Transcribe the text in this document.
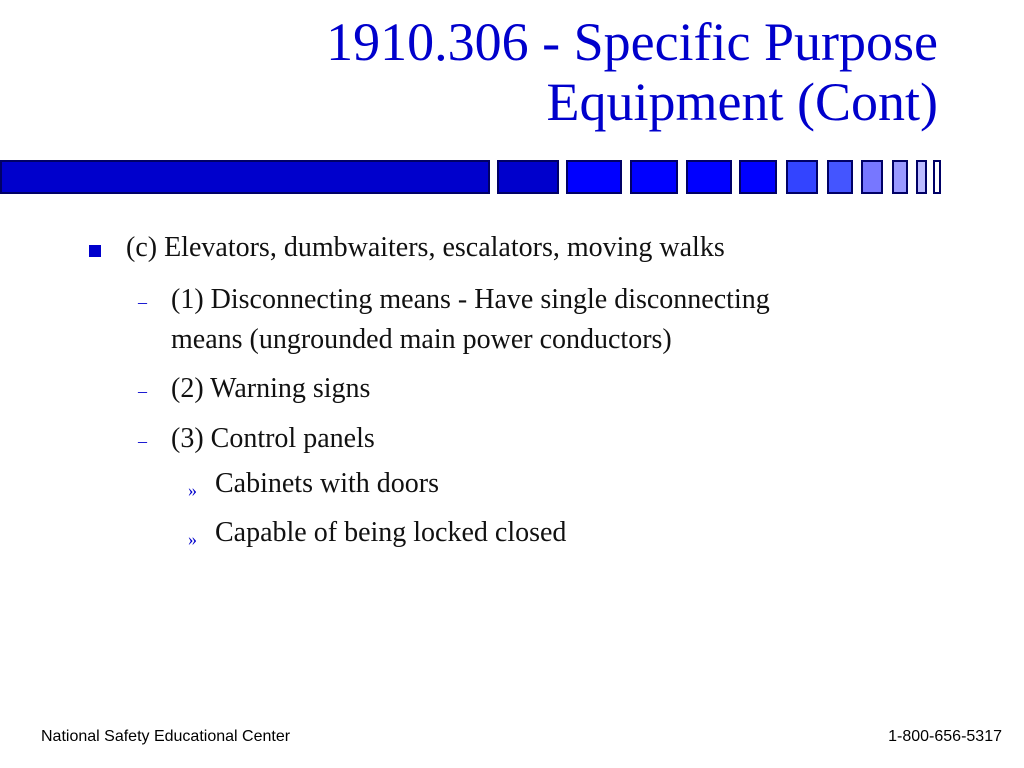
1910.306 - Specific Purpose
Equipment (Cont)
(c) Elevators, dumbwaiters, escalators, moving walks
– (1) Disconnecting means - Have single disconnecting
means (ungrounded main power conductors)
– (2) Warning signs
– (3) Control panels
» Cabinets with doors
» Capable of being locked closed
National Safety Educational Center	1-800-656-5317
